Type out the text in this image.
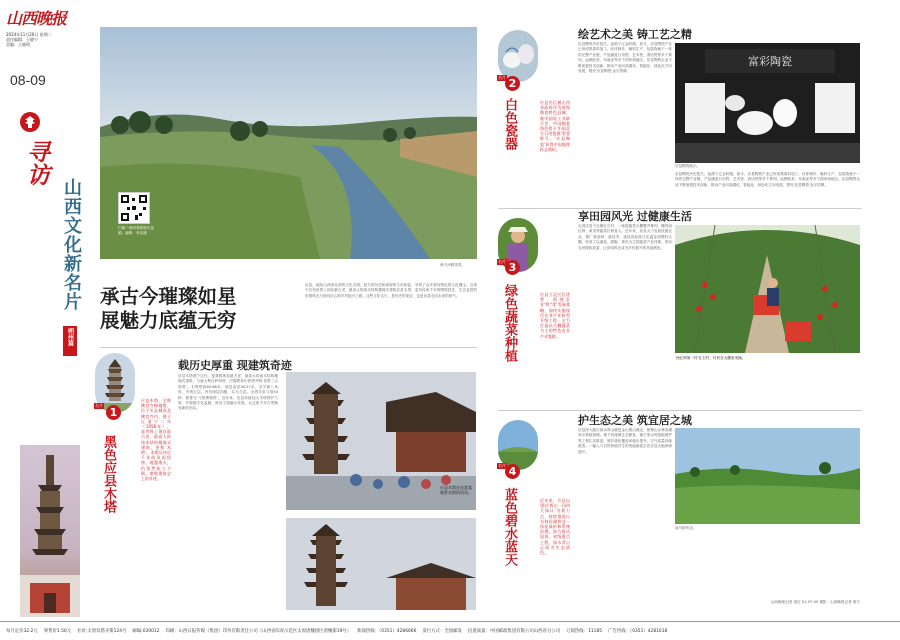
山西晚报
2024年11月26日 星期二
责任编辑：王晓宁
美编：王晓明
08-09
寻访
山西文化新名片
朔州篇
扫描二维码观看相关视频。编辑：李洁涵
桑干河畔美景。
承古今璀璨如星
展魅力底蕴无穷
应县，地处山西省北部的文化名城，悠久的历史和深厚的文化积淀，孕育了众多独具特色的文化瑰宝。这里不仅有世界上现存最古老、最高大的纯木结构楼阁式建筑应县木塔，更有传承千年的陶瓷技艺、生态宜居的田园风光与独具匠心的乡村振兴之路。这些文化名片，是历史的见证，也是应县走向未来的底气。
1
黑色应县木塔
应县木塔，全称佛宫寺释迦塔，位于应县城西北佛宫寺内，建于辽清宁二年（1056年），是世界上现存最古老、最高大的纯木结构楼阁式建筑，史称'木塔'。木塔历经近千年的风雨侵蚀、地震战火，仍依然屹立不倒，堪称建筑史上的奇迹。
载历史厚重 现建筑奇迹
应县木塔建于辽代，是我国现存最古老、最高大的纯木结构楼阁式建筑，与意大利比萨斜塔、巴黎埃菲尔铁塔并称'世界三大奇塔'。木塔塔高65.88米，底层直径30.27米，呈平面八角形，外观五层，内有暗层四级，实为九层。全塔共用斗拱54种，被誉为'斗拱博物馆'。近年来，应县持续加大木塔保护力度，开展数字化监测，推动文旅融合发展，让这座千年古塔焕发新的光彩。
应县木塔在佳游客观赏木塔的风采。
2
白色瓷器	应县先后被山西省政府评为省级陶瓷特色县城，被中国轻工业联合会、中国陶瓷协会授予'中国北方日用瓷都'荣誉称号，'应县陶瓷'获得中国地理标志商标。
绘艺术之美 铸工艺之精
应县陶瓷历史悠久，起源于辽金时期。如今，应县陶瓷产业已形成集原料加工、坯体制作、釉料生产、包装物流于一体的完整产业链，产品涵盖日用瓷、艺术瓷、酒店瓷等多个系列，远销欧美、东南亚等多个国家和地区。应县陶瓷企业不断加强技术创新，推动产业向高端化、智能化、绿色化方向发展，擦亮'应县陶瓷'金字招牌。
富彩陶瓷
应县陶瓷展示。
应县陶瓷历史悠久，起源于辽金时期。如今，应县陶瓷产业已形成集原料加工、坯体制作、釉料生产、包装物流于一体的完整产业链，产品涵盖日用瓷、艺术瓷、酒店瓷等多个系列，远销欧美、东南亚等多个国家和地区。应县陶瓷企业不断加强技术创新，推动产业向高端化、智能化、绿色化方向发展，擦亮'应县陶瓷'金字招牌。
3
绿色蔬菜种植	应县立足区位优势，围绕农业'特''优'发展战略，加快实施现代农业产业转型升级工程，全力打造以大棚蔬菜为主的特色农业产业集群。
享田园风光 过健康生活
走进应县下社镇红石村，一座座蔬菜大棚整齐排列，棚内西红柿、黄瓜等蔬菜长势喜人。近年来，应县大力发展设施农业，推广新品种、新技术，建设高标准日光温室和塑料大棚，形成了以番茄、甜椒、黄瓜为主的蔬菜产业体系，带动农民增收致富，让田园风光成为乡村振兴的亮丽底色。
'西红柿第一村'红石村，村民在大棚里采摘。
4
蓝色碧水蓝天	近年来，应县以建设'两山一河四大绿口'为着力点，持续推进山水林田湖草沙一体化保护和系统治理，筑力推动国家、省级重点工程，绿水青山正成为生态底色。
护生态之美 筑宜居之城
应县深入践行绿水青山就是金山银山理念，统筹山水林田湖草沙系统治理。桑干河流域生态修复、镇子梁水库湿地保护等工程扎实推进，城乡绿化覆盖率稳步提升，空气质量持续改善。一幅人与自然和谐共生的美丽画卷正在应县大地徐徐展开。
南马坡风光。
山西晚报记者 周红 01-07-09 摄影：山西晚报记者 胡宇
每月定价32.2元 零售价1.50元 社址:太原双塔寺街124号 邮编:030012 印刷：山西日报传媒（集团）印务有限责任公司（山西省综改示范区太原唐槐园区唐槐街19号） 新闻热线：（0351）4286666 发行方式：全国邮发 投递质量：中国邮政集团有限公司山西省分公司 订阅热线：11185 广告热线：（0351）4281618
名片
名片
名片
名片
